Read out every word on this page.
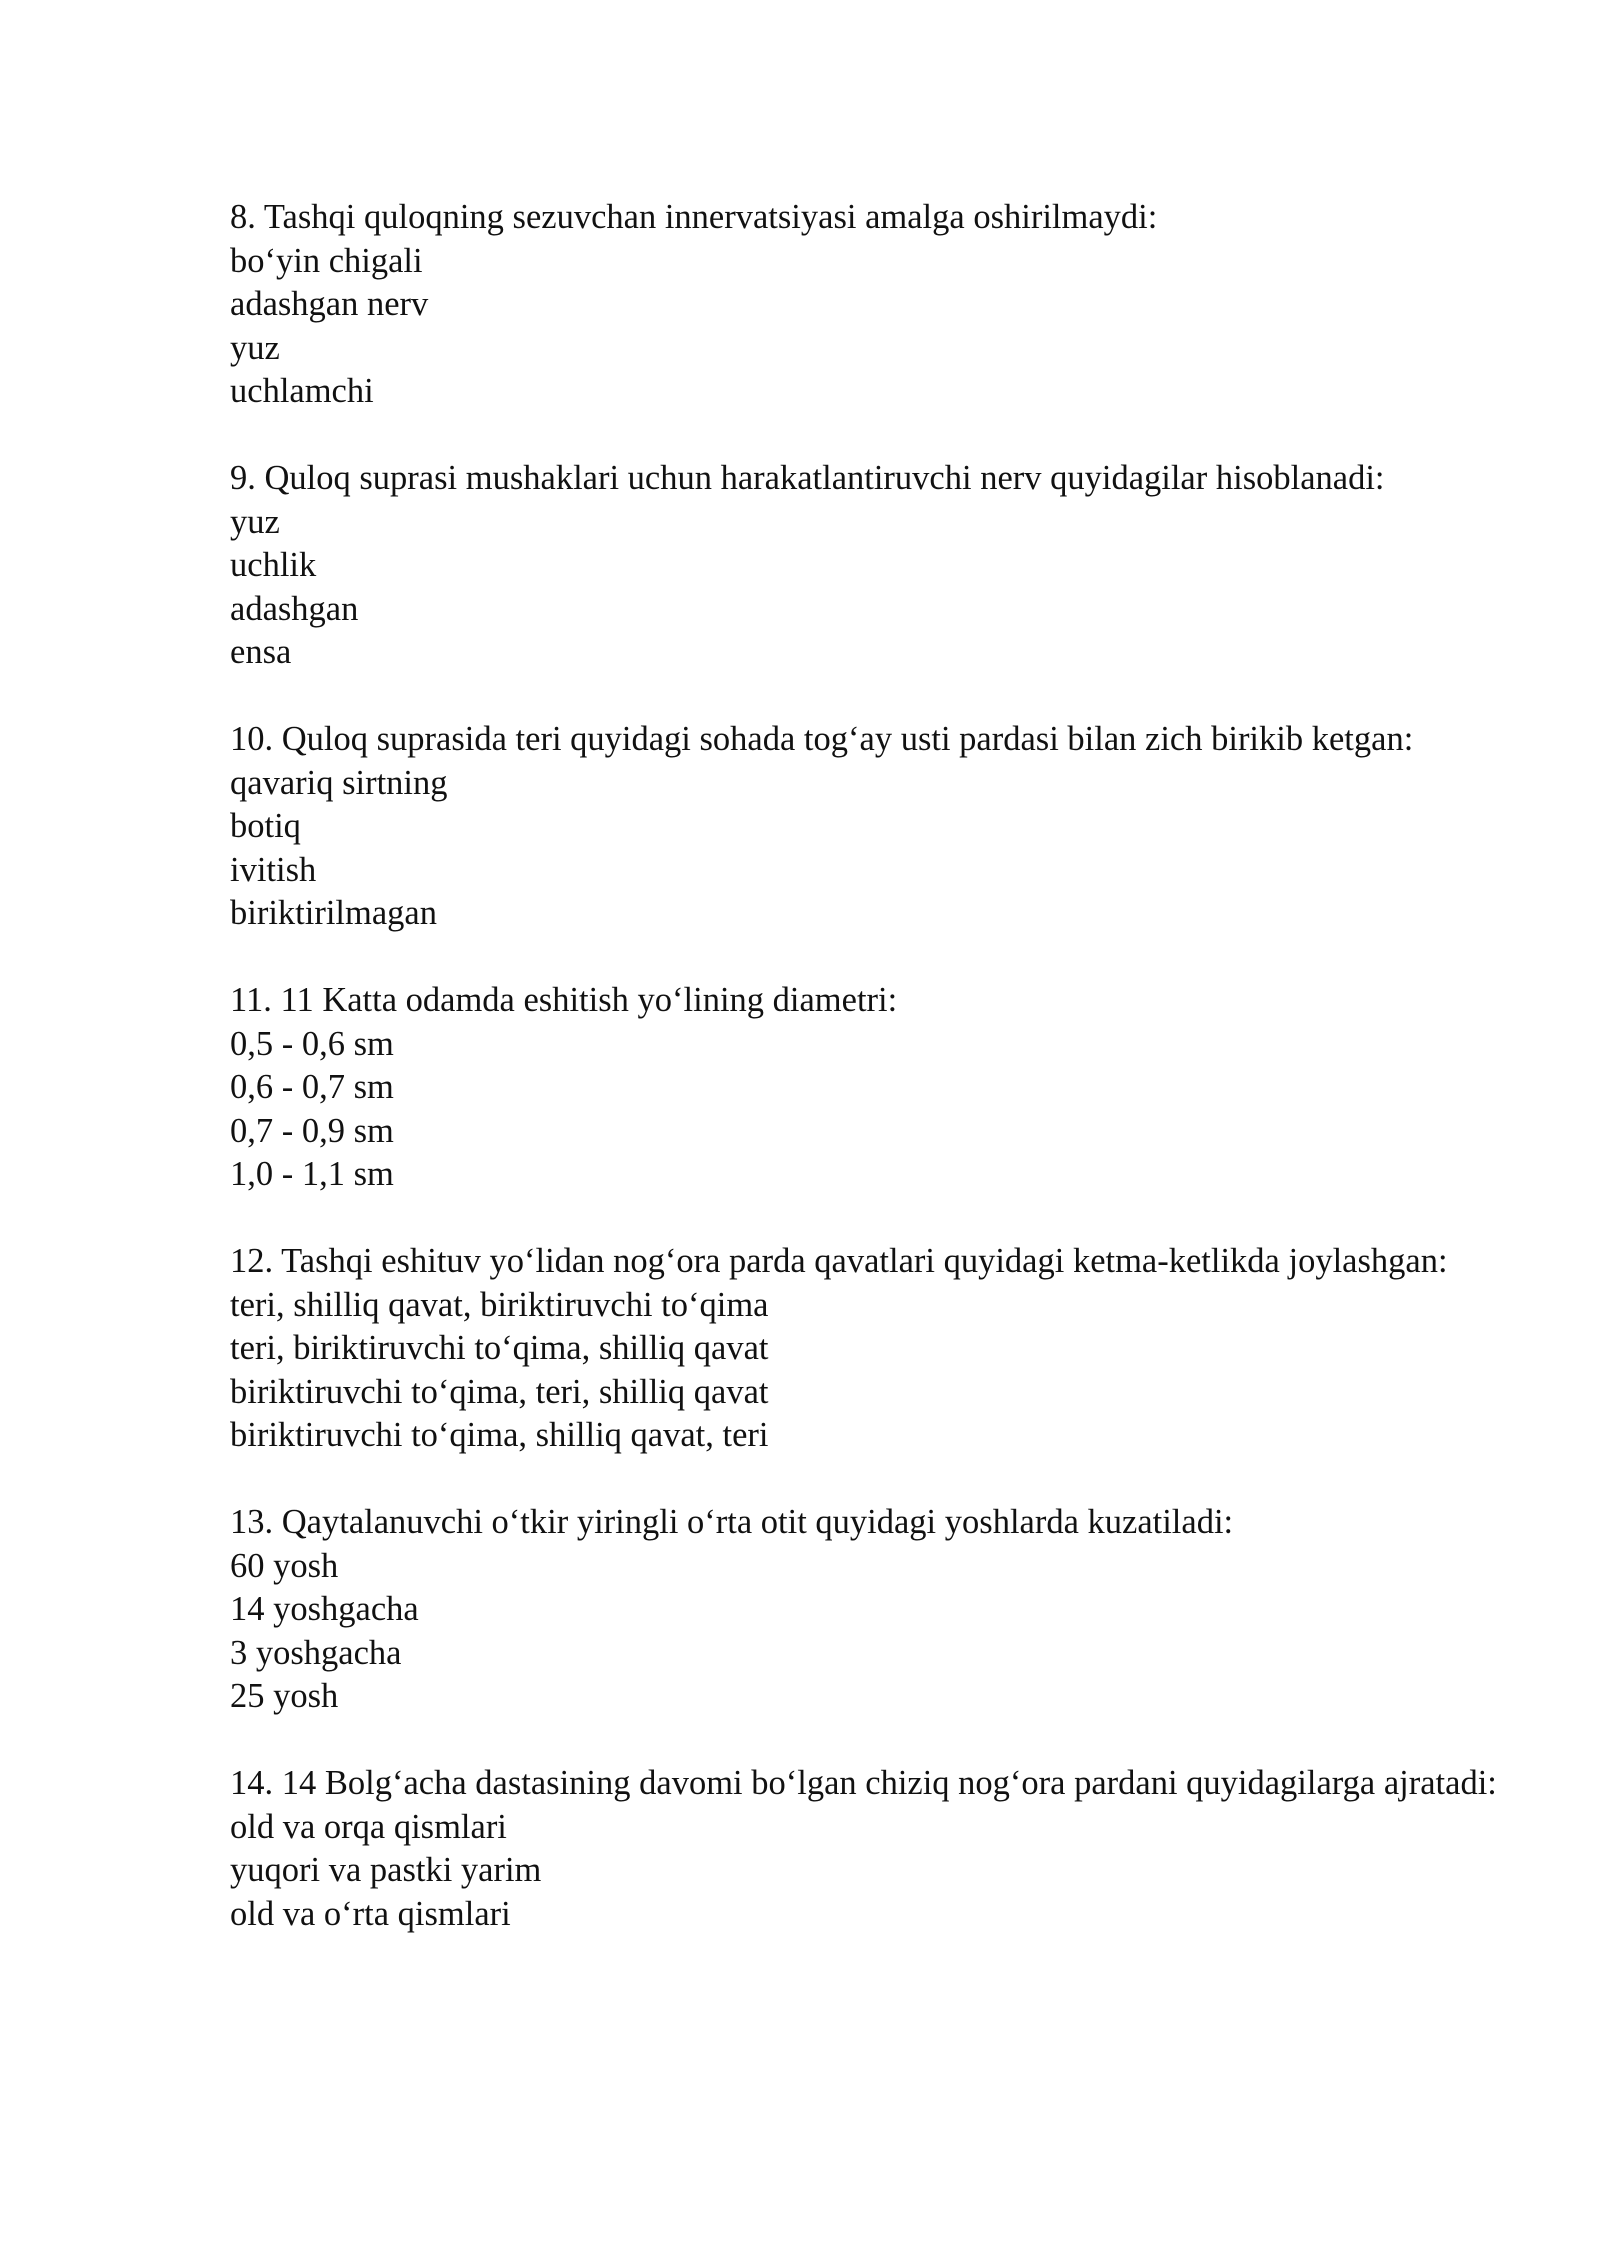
8. Tashqi quloqning sezuvchan innervatsiyasi amalga oshirilmaydi:
bo‘yin chigali
adashgan nerv
yuz
uchlamchi
9. Quloq suprasi mushaklari uchun harakatlantiruvchi nerv quyidagilar hisoblanadi:
yuz
uchlik
adashgan
ensa
10. Quloq suprasida teri quyidagi sohada tog‘ay usti pardasi bilan zich birikib ketgan:
qavariq sirtning
botiq
ivitish
biriktirilmagan
11. 11 Katta odamda eshitish yo‘lining diametri:
0,5 - 0,6 sm
0,6 - 0,7 sm
0,7 - 0,9 sm
1,0 - 1,1 sm
12. Tashqi eshituv yo‘lidan nog‘ora parda qavatlari quyidagi ketma-ketlikda joylashgan:
teri, shilliq qavat, biriktiruvchi to‘qima
teri, biriktiruvchi to‘qima, shilliq qavat
biriktiruvchi to‘qima, teri, shilliq qavat
biriktiruvchi to‘qima, shilliq qavat, teri
13. Qaytalanuvchi o‘tkir yiringli o‘rta otit quyidagi yoshlarda kuzatiladi:
60 yosh
14 yoshgacha
3 yoshgacha
25 yosh
14. 14 Bolg‘acha dastasining davomi bo‘lgan chiziq nog‘ora pardani quyidagilarga ajratadi:
old va orqa qismlari
yuqori va pastki yarim
old va o‘rta qismlari
